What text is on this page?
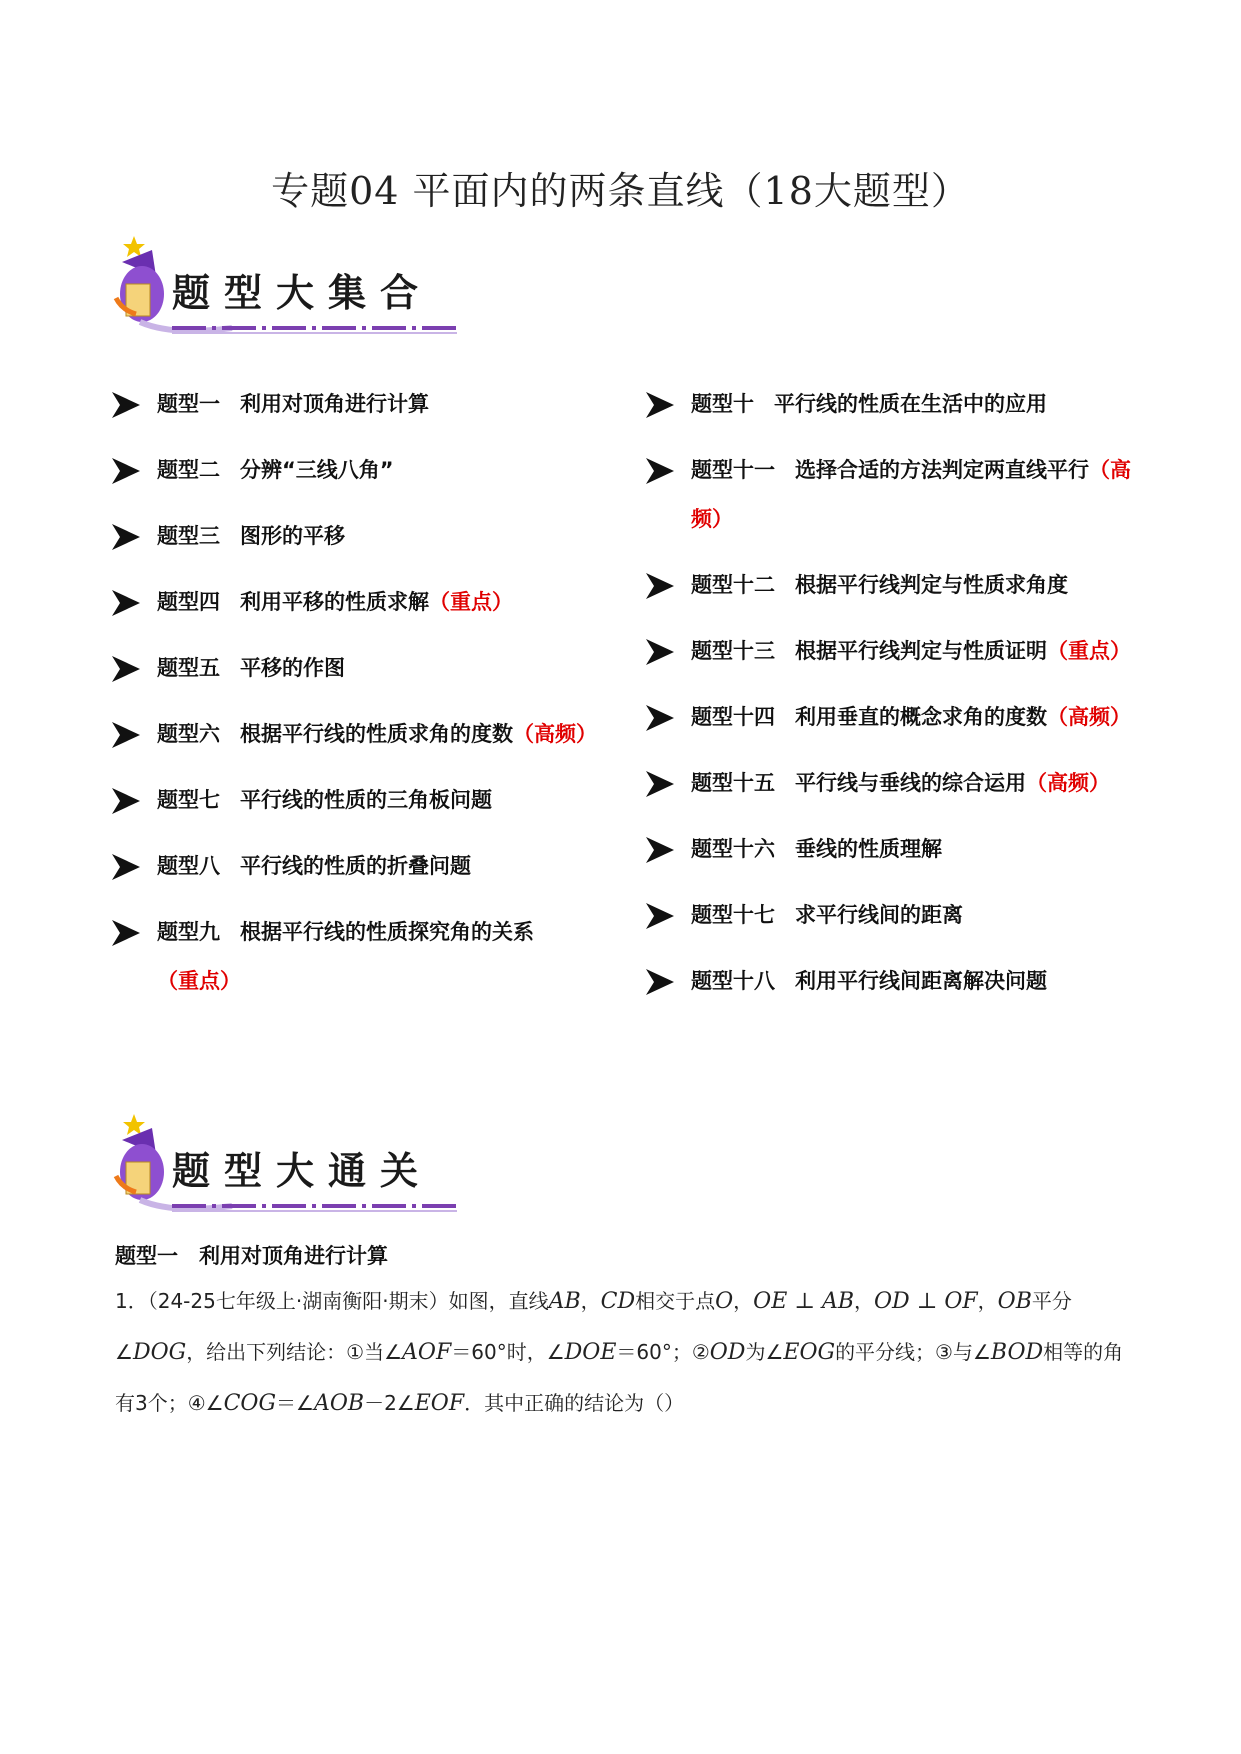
专题04 平面内的两条直线（18大题型）
题型大集合
题型一 利用对顶角进行计算
题型二 分辨“三线八角”
题型三 图形的平移
题型四 利用平移的性质求解（重点）
题型五 平移的作图
题型六 根据平行线的性质求角的度数（高频）
题型七 平行线的性质的三角板问题
题型八 平行线的性质的折叠问题
题型九 根据平行线的性质探究角的关系（重点）
题型十 平行线的性质在生活中的应用
题型十一 选择合适的方法判定两直线平行（高频）
题型十二 根据平行线判定与性质求角度
题型十三 根据平行线判定与性质证明（重点）
题型十四 利用垂直的概念求角的度数（高频）
题型十五 平行线与垂线的综合运用（高频）
题型十六 垂线的性质理解
题型十七 求平行线间的距离
题型十八 利用平行线间距离解决问题
题型大通关
题型一　利用对顶角进行计算
1．（24-25七年级上·湖南衡阳·期末）如图，直线AB，CD相交于点O，OE ⊥ AB，OD ⊥ OF，OB平分∠DOG，给出下列结论：①当∠AOF＝60°时，∠DOE＝60°；②OD为∠EOG的平分线；③与∠BOD相等的角有3个；④∠COG＝∠AOB－2∠EOF．其中正确的结论为（）
